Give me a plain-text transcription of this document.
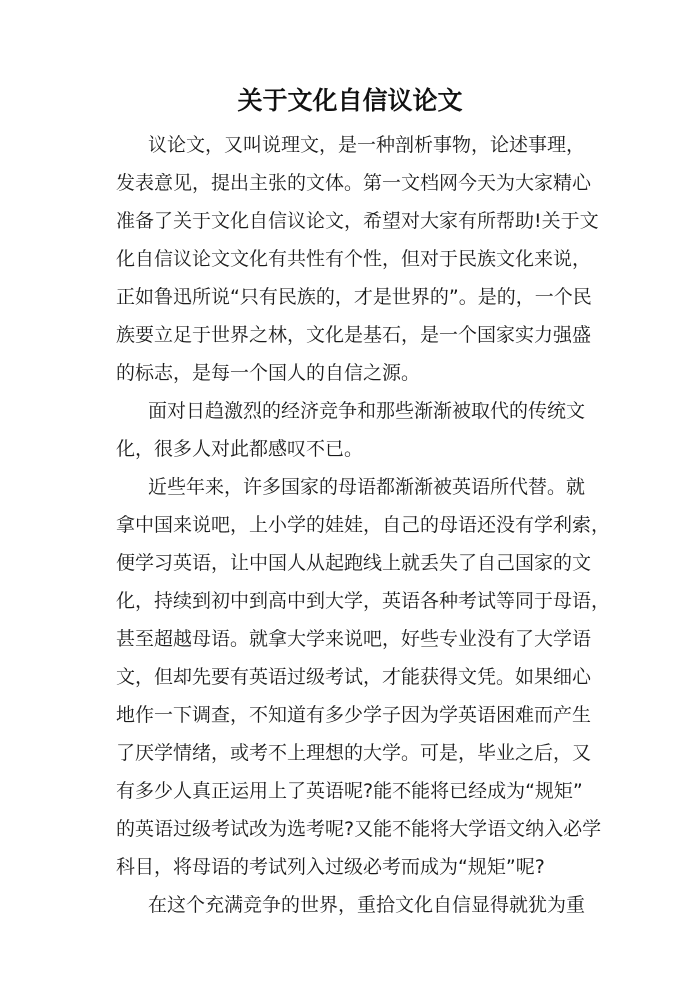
关于文化自信议论文
议论文，又叫说理文，是一种剖析事物，论述事理，
发表意见，提出主张的文体。第一文档网今天为大家精心
准备了关于文化自信议论文，希望对大家有所帮助!关于文
化自信议论文文化有共性有个性，但对于民族文化来说，
正如鲁迅所说“只有民族的，才是世界的”。是的，一个民
族要立足于世界之林，文化是基石，是一个国家实力强盛
的标志，是每一个国人的自信之源。
面对日趋激烈的经济竞争和那些渐渐被取代的传统文
化，很多人对此都感叹不已。
近些年来，许多国家的母语都渐渐被英语所代替。就
拿中国来说吧，上小学的娃娃，自己的母语还没有学利索，
便学习英语，让中国人从起跑线上就丢失了自己国家的文
化，持续到初中到高中到大学，英语各种考试等同于母语，
甚至超越母语。就拿大学来说吧，好些专业没有了大学语
文，但却先要有英语过级考试，才能获得文凭。如果细心
地作一下调查，不知道有多少学子因为学英语困难而产生
了厌学情绪，或考不上理想的大学。可是，毕业之后，又
有多少人真正运用上了英语呢?能不能将已经成为“规矩”
的英语过级考试改为选考呢?又能不能将大学语文纳入必学
科目，将母语的考试列入过级必考而成为“规矩”呢?
在这个充满竞争的世界，重拾文化自信显得就犹为重
